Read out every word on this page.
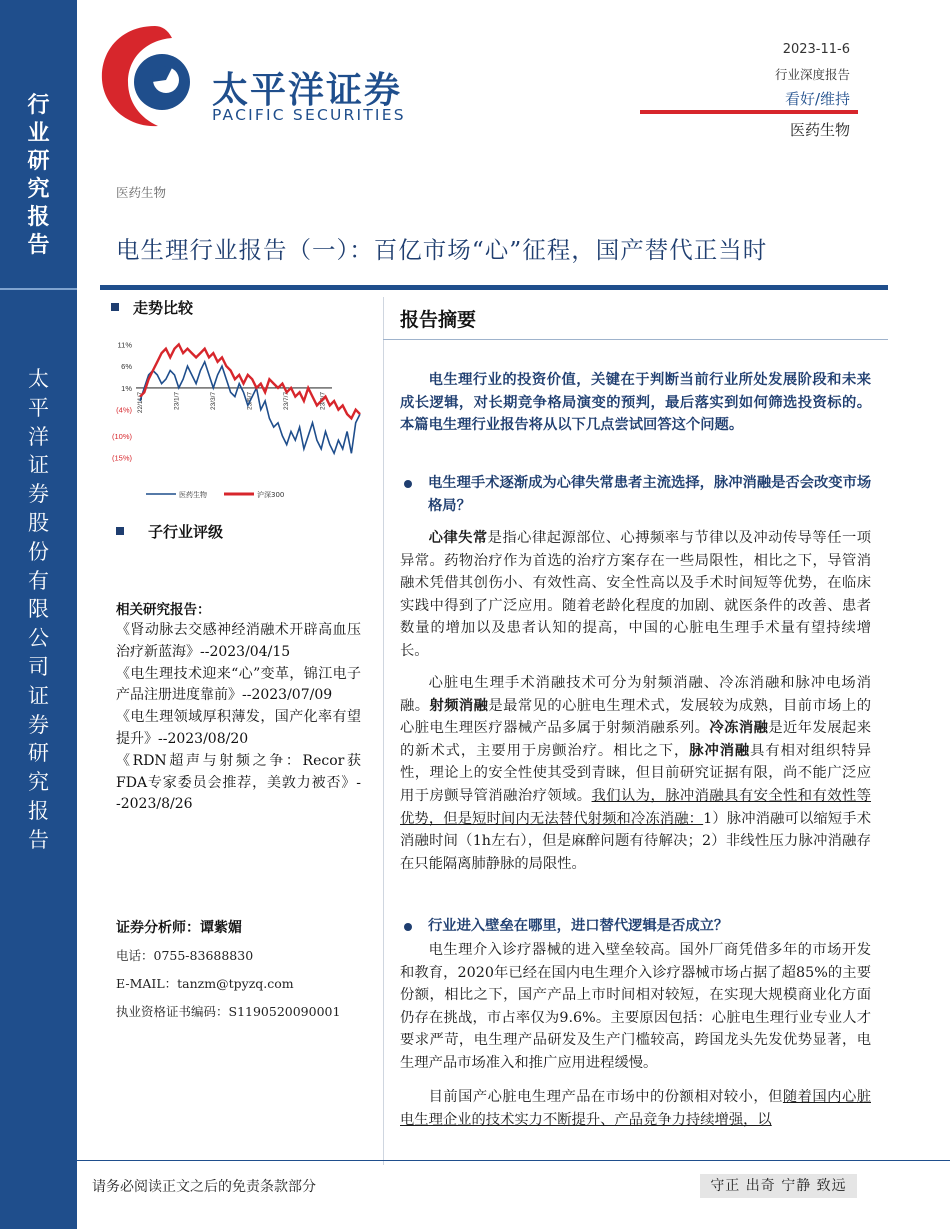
行
业
研
究
报
告
太
平
洋
证
券
股
份
有
限
公
司
证
券
研
究
报
告
太平洋证券
PACIFIC SECURITIES
2023-11-6
行业深度报告
看好/维持
医药生物
医药生物
电生理行业报告（一）：百亿市场“心”征程，国产替代正当时
走势比较
11%
6%
1%
(4%)
(10%)
(15%)
22/11/7	23/1/7	23/3/7	23/5/7	23/7/7	23/9/7
医药生物	沪深300
子行业评级
相关研究报告：

《肾动脉去交感神经消融术开辟高血压治疗新蓝海》--2023/04/15

《电生理技术迎来“心”变革，锦江电子产品注册进度靠前》--2023/07/09

《电生理领域厚积薄发，国产化率有望提升》--2023/08/20

《RDN超声与射频之争：Recor获FDA专家委员会推荐，美敦力被否》--2023/8/26

证券分析师：谭紫媚
电话：0755-83688830
E-MAIL：tanzm@tpyzq.com
执业资格证书编码：S1190520090001
报告摘要

电生理行业的投资价值，关键在于判断当前行业所处发展阶段和未来成长逻辑，对长期竞争格局演变的预判，最后落实到如何筛选投资标的。本篇电生理行业报告将从以下几点尝试回答这个问题。

电生理手术逐渐成为心律失常患者主流选择，脉冲消融是否会改变市场格局？

心律失常是指心律起源部位、心搏频率与节律以及冲动传导等任一项异常。药物治疗作为首选的治疗方案存在一些局限性，相比之下，导管消融术凭借其创伤小、有效性高、安全性高以及手术时间短等优势，在临床实践中得到了广泛应用。随着老龄化程度的加剧、就医条件的改善、患者数量的增加以及患者认知的提高，中国的心脏电生理手术量有望持续增长。

心脏电生理手术消融技术可分为射频消融、冷冻消融和脉冲电场消融。射频消融是最常见的心脏电生理术式，发展较为成熟，目前市场上的心脏电生理医疗器械产品多属于射频消融系列。冷冻消融是近年发展起来的新术式，主要用于房颤治疗。相比之下，脉冲消融具有相对组织特异性，理论上的安全性使其受到青睐，但目前研究证据有限，尚不能广泛应用于房颤导管消融治疗领域。我们认为，脉冲消融具有安全性和有效性等优势，但是短时间内无法替代射频和冷冻消融：1）脉冲消融可以缩短手术消融时间（1h左右），但是麻醉问题有待解决；2）非线性压力脉冲消融存在只能隔离肺静脉的局限性。

行业进入壁垒在哪里，进口替代逻辑是否成立？

电生理介入诊疗器械的进入壁垒较高。国外厂商凭借多年的市场开发和教育，2020年已经在国内电生理介入诊疗器械市场占据了超85%的主要份额，相比之下，国产产品上市时间相对较短，在实现大规模商业化方面仍存在挑战，市占率仅为9.6%。主要原因包括：心脏电生理行业专业人才要求严苛，电生理产品研发及生产门槛较高，跨国龙头先发优势显著，电生理产品市场准入和推广应用进程缓慢。

目前国产心脏电生理产品在市场中的份额相对较小，但随着国内心脏电生理企业的技术实力不断提升、产品竞争力持续增强，以

请务必阅读正文之后的免责条款部分	守正 出奇 宁静 致远
